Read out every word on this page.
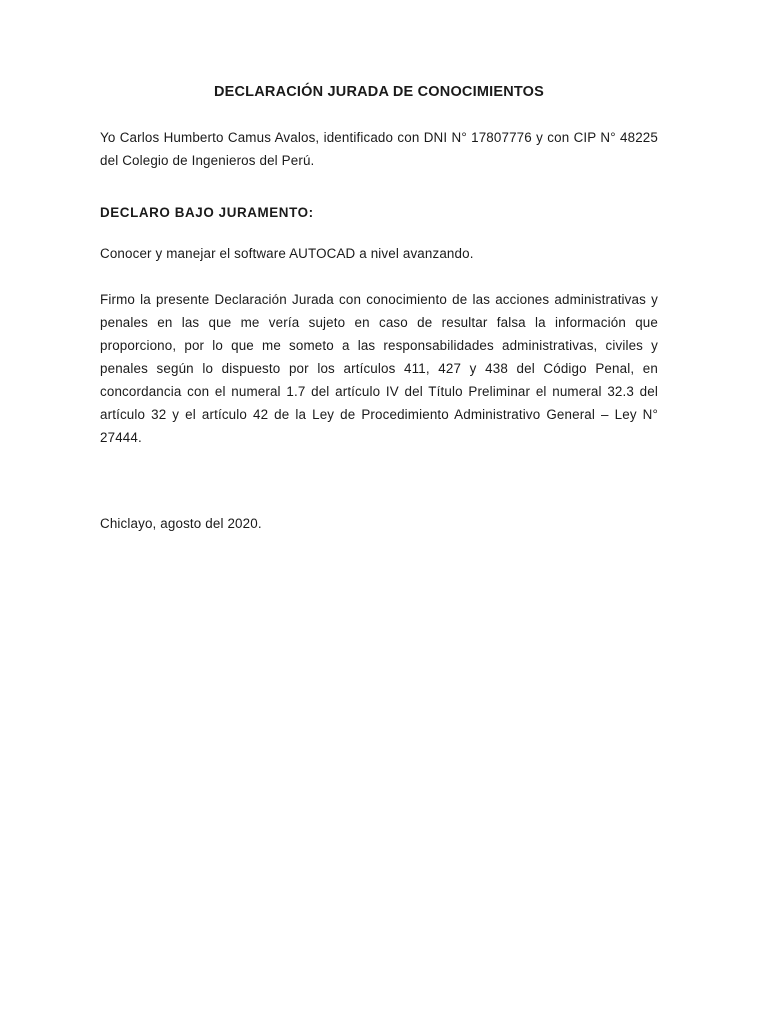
DECLARACIÓN JURADA DE CONOCIMIENTOS

Yo Carlos Humberto Camus Avalos, identificado con DNI N° 17807776 y con CIP N° 48225 del Colegio de Ingenieros del Perú.

DECLARO BAJO JURAMENTO:

Conocer y manejar el software AUTOCAD a nivel avanzando.

Firmo la presente Declaración Jurada con conocimiento de las acciones administrativas y penales en las que me vería sujeto en caso de resultar falsa la información que proporciono, por lo que me someto a las responsabilidades administrativas, civiles y penales según lo dispuesto por los artículos 411, 427 y 438 del Código Penal, en concordancia con el numeral 1.7 del artículo IV del Título Preliminar el numeral 32.3 del artículo 32 y el artículo 42 de la Ley de Procedimiento Administrativo General – Ley N° 27444.

Chiclayo, agosto del 2020.
